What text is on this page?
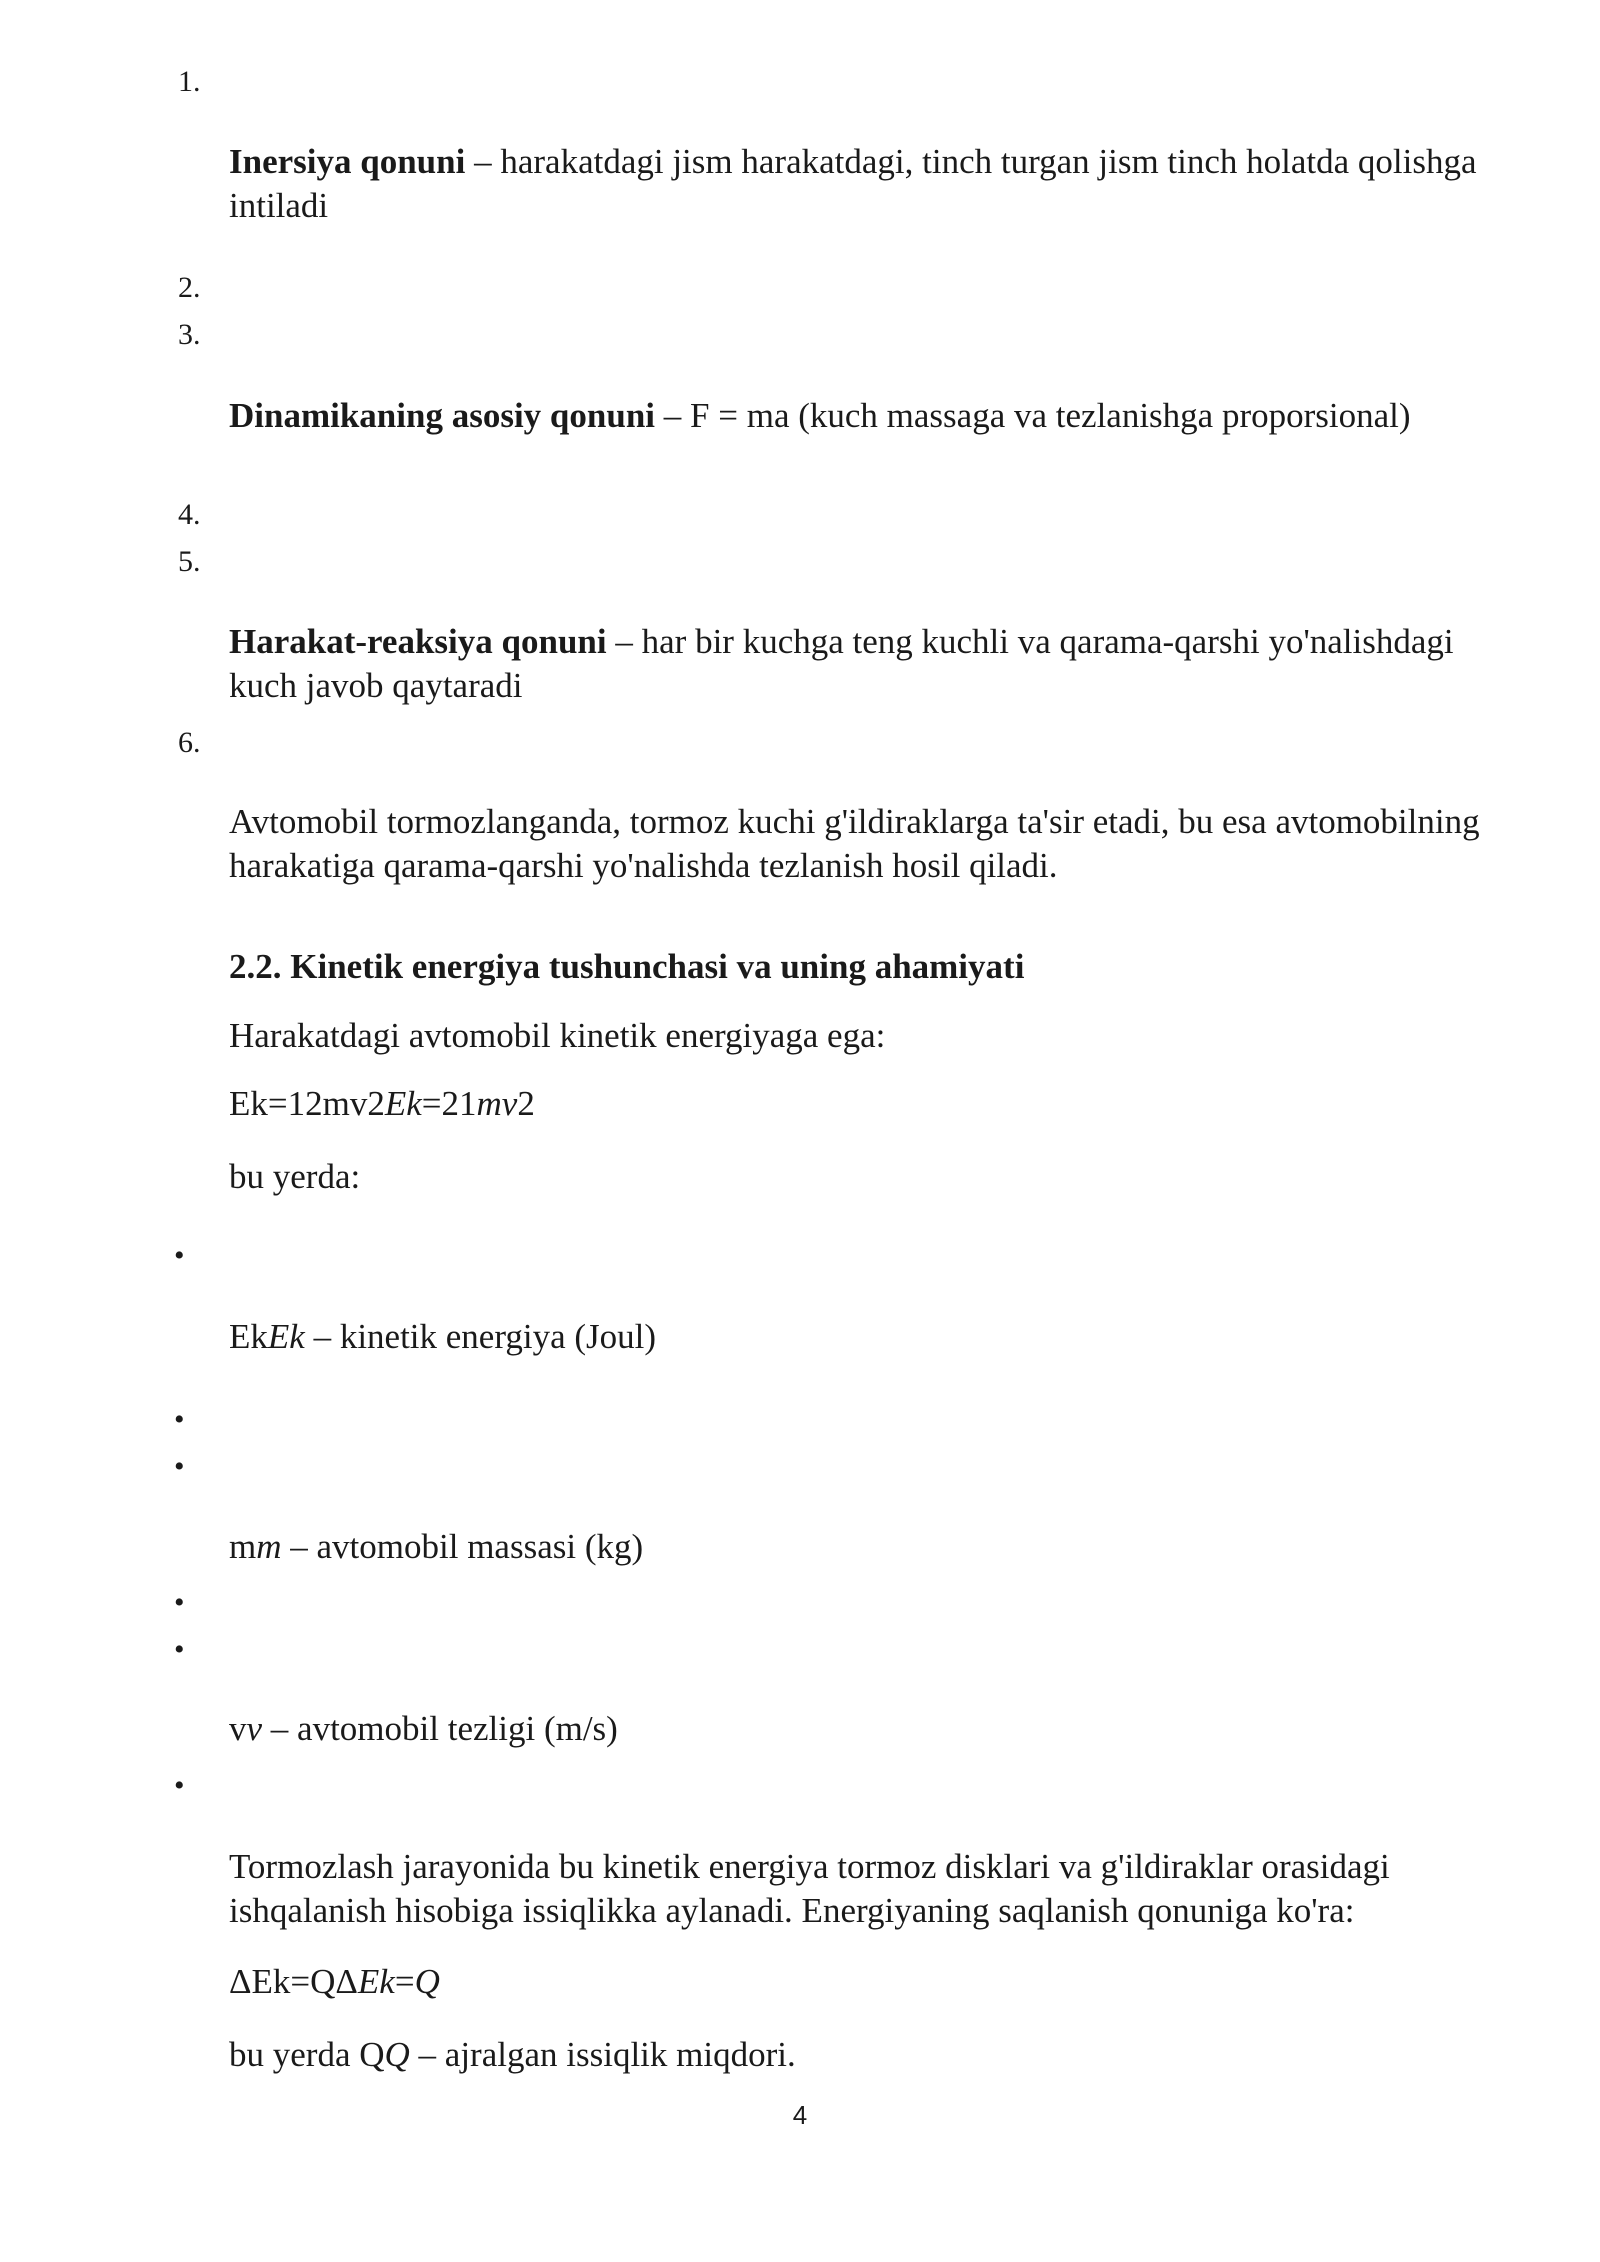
1.
Inersiya qonuni – harakatdagi jism harakatdagi, tinch turgan jism tinch holatda qolishga intiladi
2.
3.
Dinamikaning asosiy qonuni – F = ma (kuch massaga va tezlanishga proporsional)
4.
5.
Harakat-reaksiya qonuni – har bir kuchga teng kuchli va qarama-qarshi yo'nalishdagi kuch javob qaytaradi
6.
Avtomobil tormozlanganda, tormoz kuchi g'ildiraklarga ta'sir etadi, bu esa avtomobilning harakatiga qarama-qarshi yo'nalishda tezlanish hosil qiladi.
2.2. Kinetik energiya tushunchasi va uning ahamiyati
Harakatdagi avtomobil kinetik energiyaga ega:
Ek=12mv2Ek=21mv2
bu yerda:
•
EkEk – kinetik energiya (Joul)
•
•
mm – avtomobil massasi (kg)
•
•
vv – avtomobil tezligi (m/s)
•
Tormozlash jarayonida bu kinetik energiya tormoz disklari va g'ildiraklar orasidagi ishqalanish hisobiga issiqlikka aylanadi. Energiyaning saqlanish qonuniga ko'ra:
ΔEk=QΔEk=Q
bu yerda QQ – ajralgan issiqlik miqdori.
4
